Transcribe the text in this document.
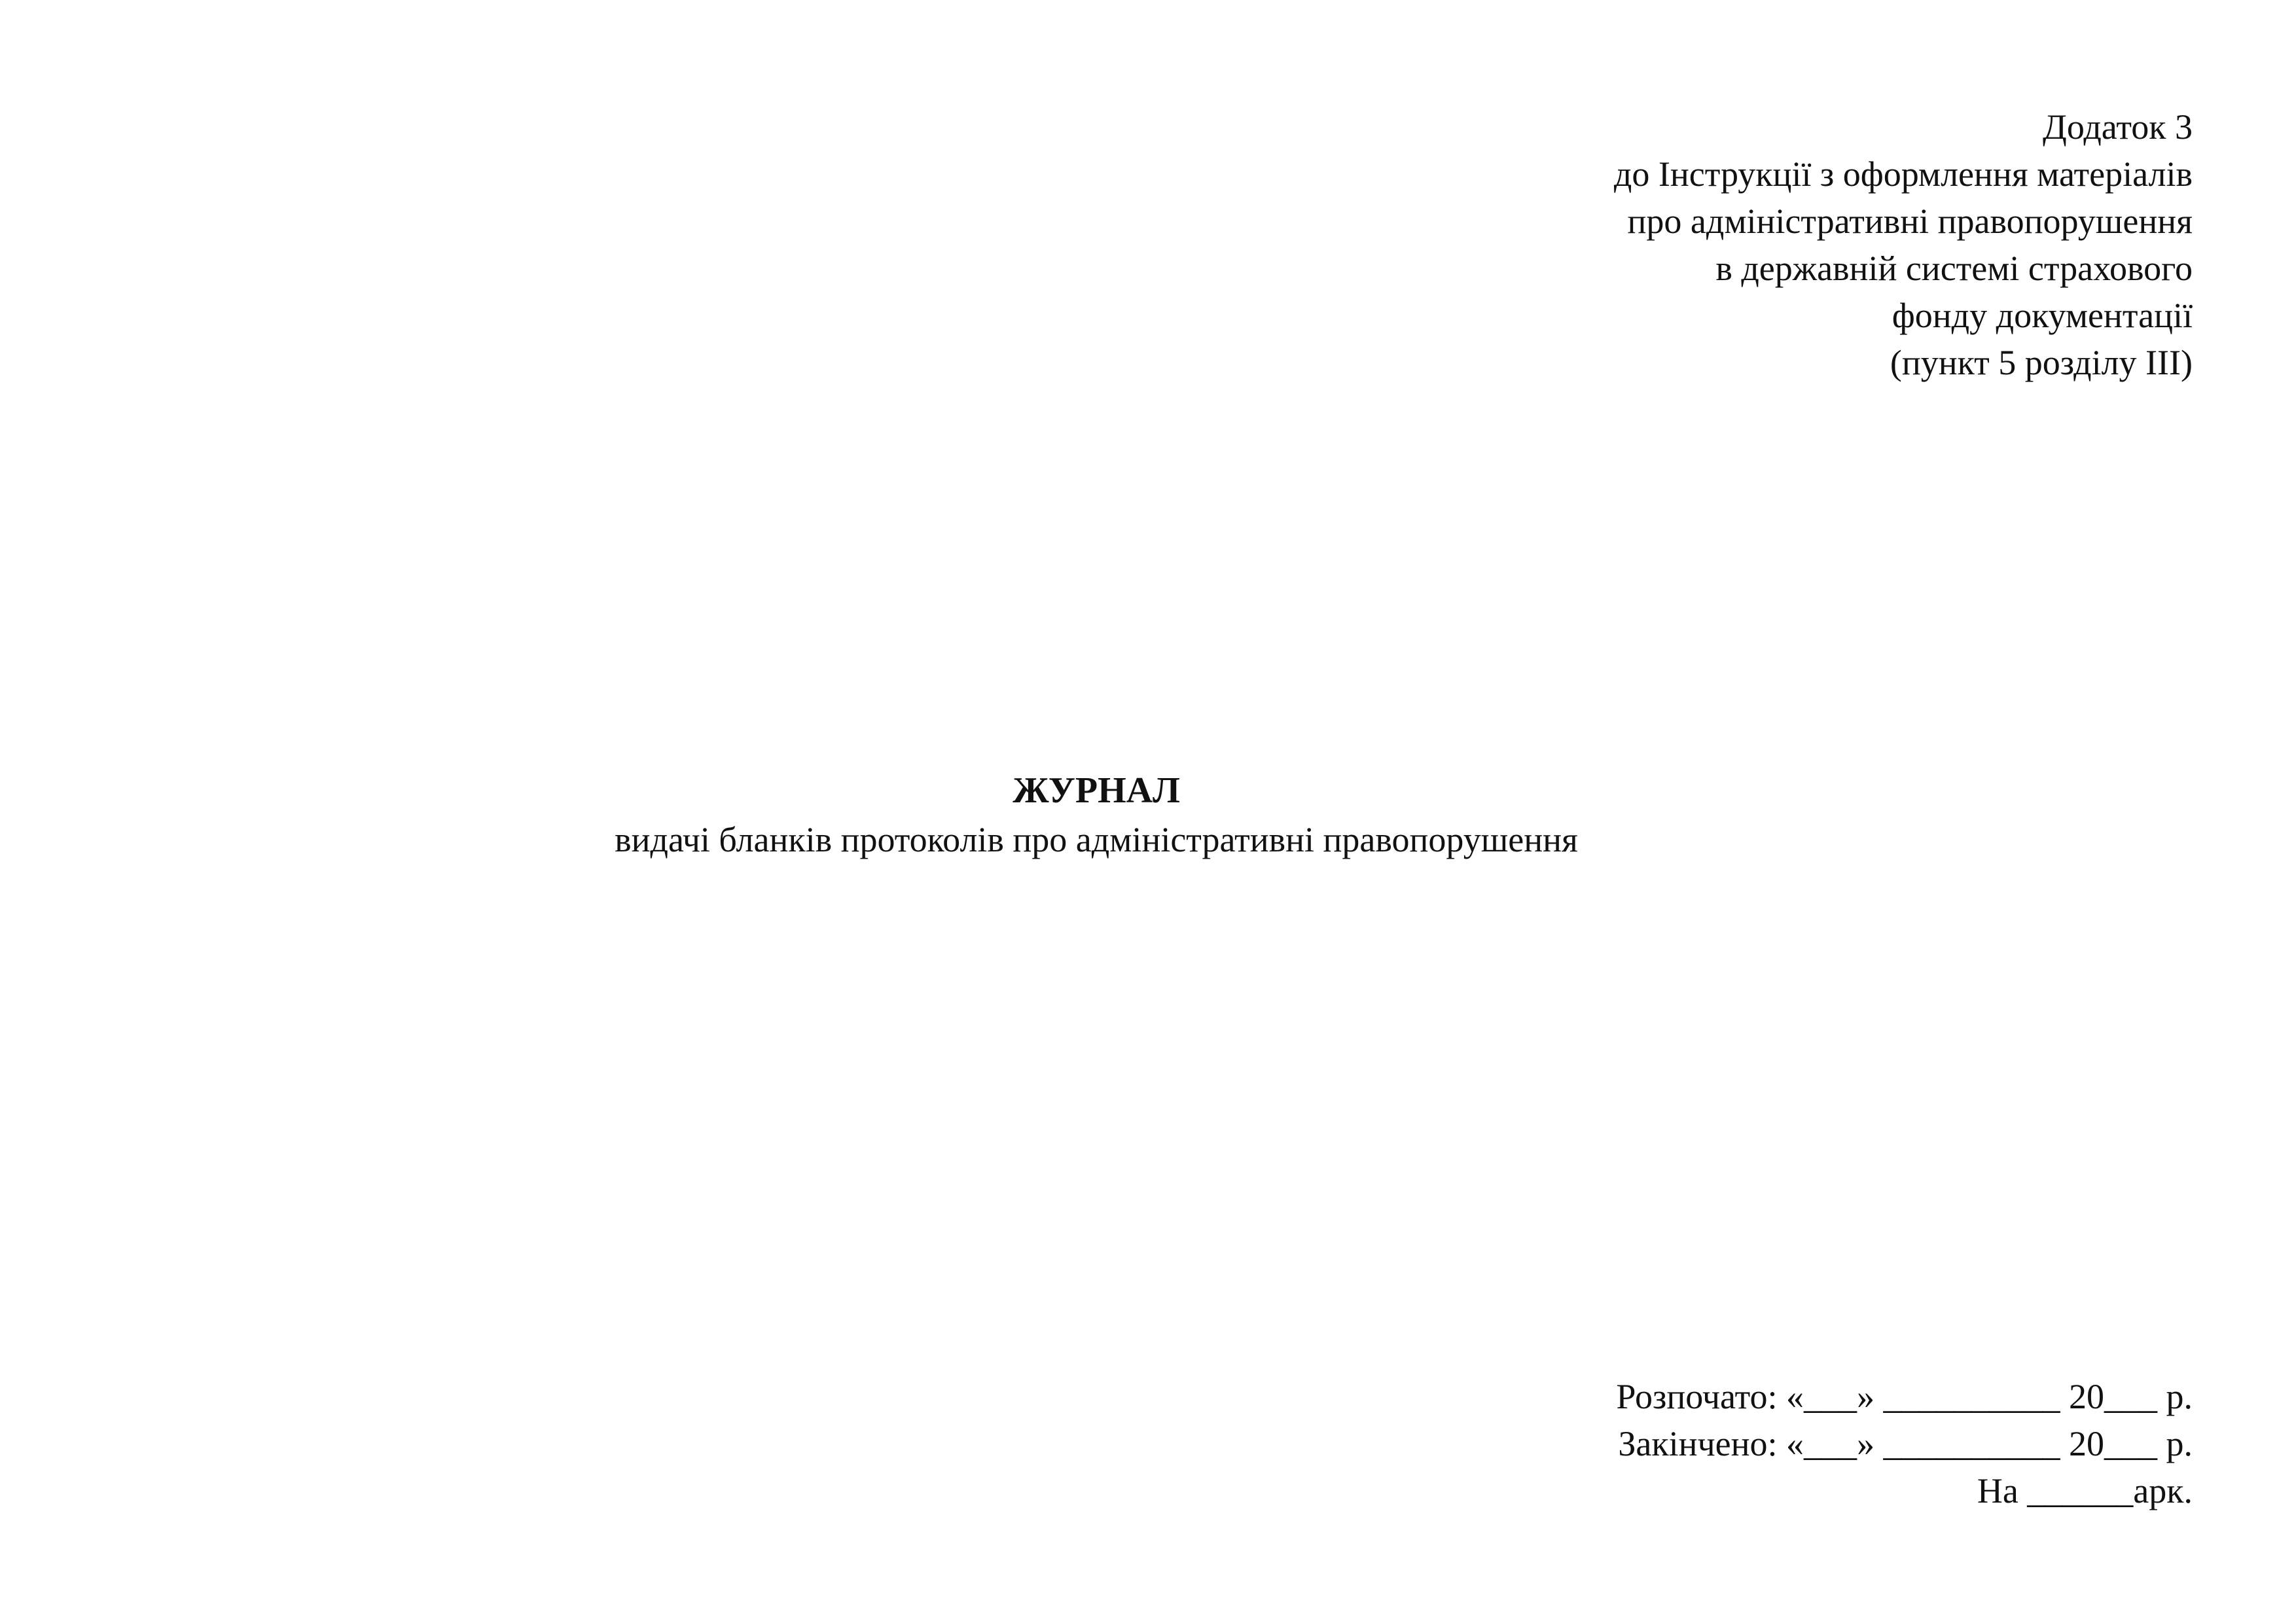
Додаток 3
до Інструкції з оформлення матеріалів
про адміністративні правопорушення
в державній системі страхового
фонду документації
(пункт 5 розділу ІІІ)
ЖУРНАЛ
видачі бланків протоколів про адміністративні правопорушення
Розпочато: «___» __________ 20___ р.
Закінчено: «___» __________ 20___ р.
На ______арк.
